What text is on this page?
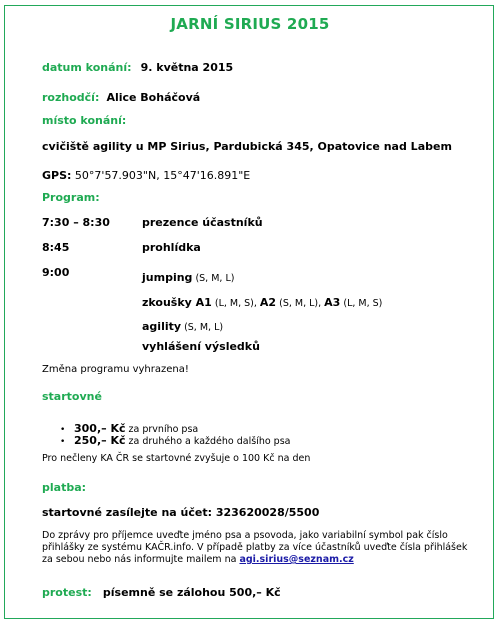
JARNÍ SIRIUS 2015
datum konání: 9. května 2015
rozhodčí: Alice Boháčová
místo konání:
cvičiště agility u MP Sirius, Pardubická 345, Opatovice nad Labem
GPS: 50°7'57.903"N, 15°47'16.891"E
Program:
7:30 – 8:30	prezence účastníků
8:45	prohlídka
9:00	jumping (S, M, L)
zkoušky A1 (L, M, S), A2 (S, M, L), A3 (L, M, S)
agility (S, M, L)
vyhlášení výsledků
Změna programu vyhrazena!
startovné
• 300,– Kč za prvního psa
• 250,– Kč za druhého a každého dalšího psa
Pro nečleny KA ČR se startovné zvyšuje o 100 Kč na den
platba:
startovné zasílejte na účet: 323620028/5500
Do zprávy pro příjemce uveďte jméno psa a psovoda, jako variabilní symbol pak číslo
přihlášky ze systému KAČR.info. V případě platby za více účastníků uveďte čísla přihlášek
za sebou nebo nás informujte mailem na agi.sirius@seznam.cz
protest: písemně se zálohou 500,– Kč
